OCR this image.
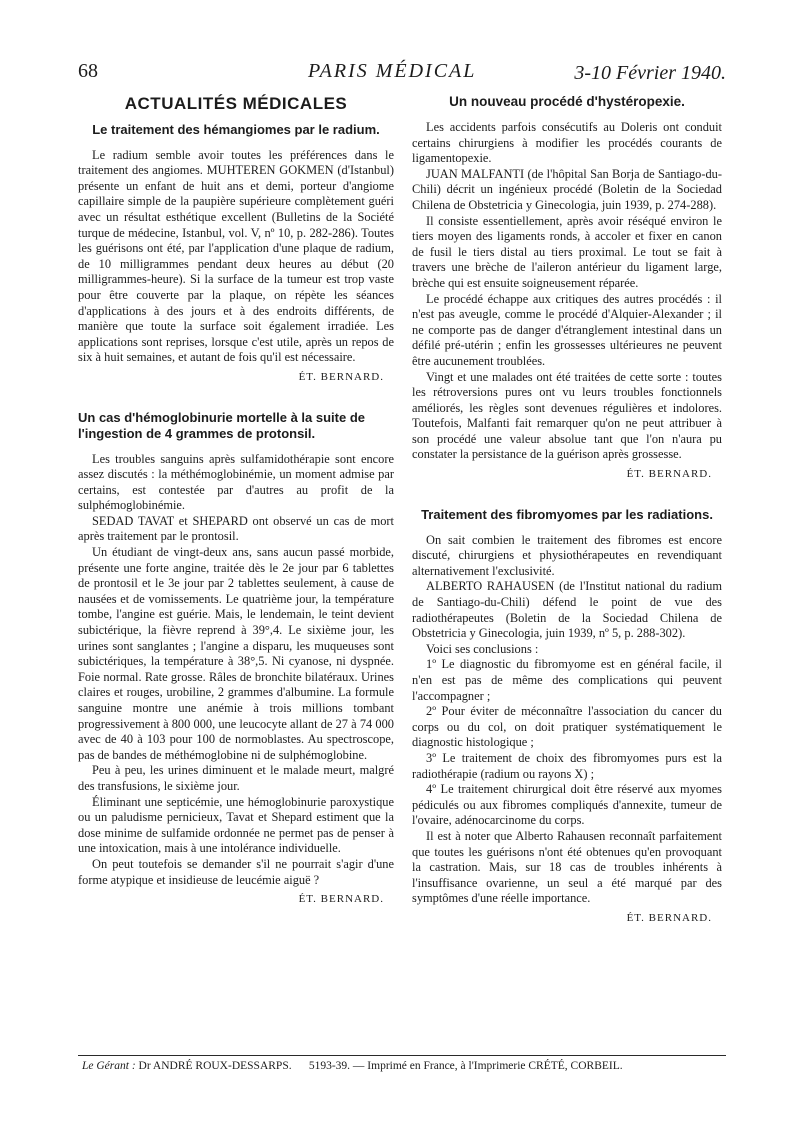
68	PARIS MÉDICAL	3-10 Février 1940.
ACTUALITÉS MÉDICALES
Le traitement des hémangiomes par le radium.

Le radium semble avoir toutes les préférences dans le traitement des angiomes. MUHTEREN GOKMEN (d'Istanbul) présente un enfant de huit ans et demi, porteur d'angiome capillaire simple de la paupière supérieure complètement guéri avec un résultat esthétique excellent (Bulletins de la Société turque de médecine, Istanbul, vol. V, nº 10, p. 282-286). Toutes les guérisons ont été, par l'application d'une plaque de radium, de 10 milligrammes pendant deux heures au début (20 milligrammes-heure). Si la surface de la tumeur est trop vaste pour être couverte par la plaque, on répète les séances d'applications à des jours et à des endroits différents, de manière que toute la surface soit également irradiée. Les applications sont reprises, lorsque c'est utile, après un repos de six à huit semaines, et autant de fois qu'il est nécessaire.

ÉT. BERNARD.

Un cas d'hémoglobinurie mortelle à la suite de l'ingestion de 4 grammes de protonsil.

Les troubles sanguins après sulfamidothérapie sont encore assez discutés : la méthémoglobinémie, un moment admise par certains, est contestée par d'autres au profit de la sulphémoglobinémie.

SEDAD TAVAT et SHEPARD ont observé un cas de mort après traitement par le prontosil.

Un étudiant de vingt-deux ans, sans aucun passé morbide, présente une forte angine, traitée dès le 2e jour par 6 tablettes de prontosil et le 3e jour par 2 tablettes seulement, à cause de nausées et de vomissements. Le quatrième jour, la température tombe, l'angine est guérie. Mais, le lendemain, le teint devient subictérique, la fièvre reprend à 39°,4. Le sixième jour, les urines sont sanglantes ; l'angine a disparu, les muqueuses sont subictériques, la température à 38°,5. Ni cyanose, ni dyspnée. Foie normal. Rate grosse. Râles de bronchite bilatéraux. Urines claires et rouges, urobiline, 2 grammes d'albumine. La formule sanguine montre une anémie à trois millions tombant progressivement à 800 000, une leucocyte allant de 27 à 74 000 avec de 40 à 103 pour 100 de normoblastes. Au spectroscope, pas de bandes de méthémoglobine ni de sulphémoglobine.

Peu à peu, les urines diminuent et le malade meurt, malgré des transfusions, le sixième jour.

Éliminant une septicémie, une hémoglobinurie paroxystique ou un paludisme pernicieux, Tavat et Shepard estiment que la dose minime de sulfamide ordonnée ne permet pas de penser à une intoxication, mais à une intolérance individuelle.

On peut toutefois se demander s'il ne pourrait s'agir d'une forme atypique et insidieuse de leucémie aiguë ?

ÉT. BERNARD.

Un nouveau procédé d'hystéropexie.

Les accidents parfois consécutifs au Doleris ont conduit certains chirurgiens à modifier les procédés courants de ligamentopexie.

JUAN MALFANTI (de l'hôpital San Borja de Santiago-du-Chili) décrit un ingénieux procédé (Boletin de la Sociedad Chilena de Obstetricia y Ginecologia, juin 1939, p. 274-288).

Il consiste essentiellement, après avoir réséqué environ le tiers moyen des ligaments ronds, à accoler et fixer en canon de fusil le tiers distal au tiers proximal. Le tout se fait à travers une brèche de l'aileron antérieur du ligament large, brèche qui est ensuite soigneusement réparée.

Le procédé échappe aux critiques des autres procédés : il n'est pas aveugle, comme le procédé d'Alquier-Alexander ; il ne comporte pas de danger d'étranglement intestinal dans un défilé pré-utérin ; enfin les grossesses ultérieures ne peuvent être aucunement troublées.

Vingt et une malades ont été traitées de cette sorte : toutes les rétroversions pures ont vu leurs troubles fonctionnels améliorés, les règles sont devenues régulières et indolores. Toutefois, Malfanti fait remarquer qu'on ne peut attribuer à son procédé une valeur absolue tant que l'on n'aura pu constater la persistance de la guérison après grossesse.

ÉT. BERNARD.

Traitement des fibromyomes par les radiations.

On sait combien le traitement des fibromes est encore discuté, chirurgiens et physiothérapeutes en revendiquant alternativement l'exclusivité.

ALBERTO RAHAUSEN (de l'Institut national du radium de Santiago-du-Chili) défend le point de vue des radiothérapeutes (Boletin de la Sociedad Chilena de Obstetricia y Ginecologia, juin 1939, nº 5, p. 288-302).

Voici ses conclusions :

1º Le diagnostic du fibromyome est en général facile, il n'en est pas de même des complications qui peuvent l'accompagner ;

2º Pour éviter de méconnaître l'association du cancer du corps ou du col, on doit pratiquer systématiquement le diagnostic histologique ;

3º Le traitement de choix des fibromyomes purs est la radiothérapie (radium ou rayons X) ;

4º Le traitement chirurgical doit être réservé aux myomes pédiculés ou aux fibromes compliqués d'annexite, tumeur de l'ovaire, adénocarcinome du corps.

Il est à noter que Alberto Rahausen reconnaît parfaitement que toutes les guérisons n'ont été obtenues qu'en provoquant la castration. Mais, sur 18 cas de troubles inhérents à l'insuffisance ovarienne, un seul a été marqué par des symptômes d'une réelle importance.

ÉT. BERNARD.

Le Gérant : Dr ANDRÉ ROUX-DESSARPS. 5193-39. — Imprimé en France, à l'Imprimerie CRÉTÉ, CORBEIL.
